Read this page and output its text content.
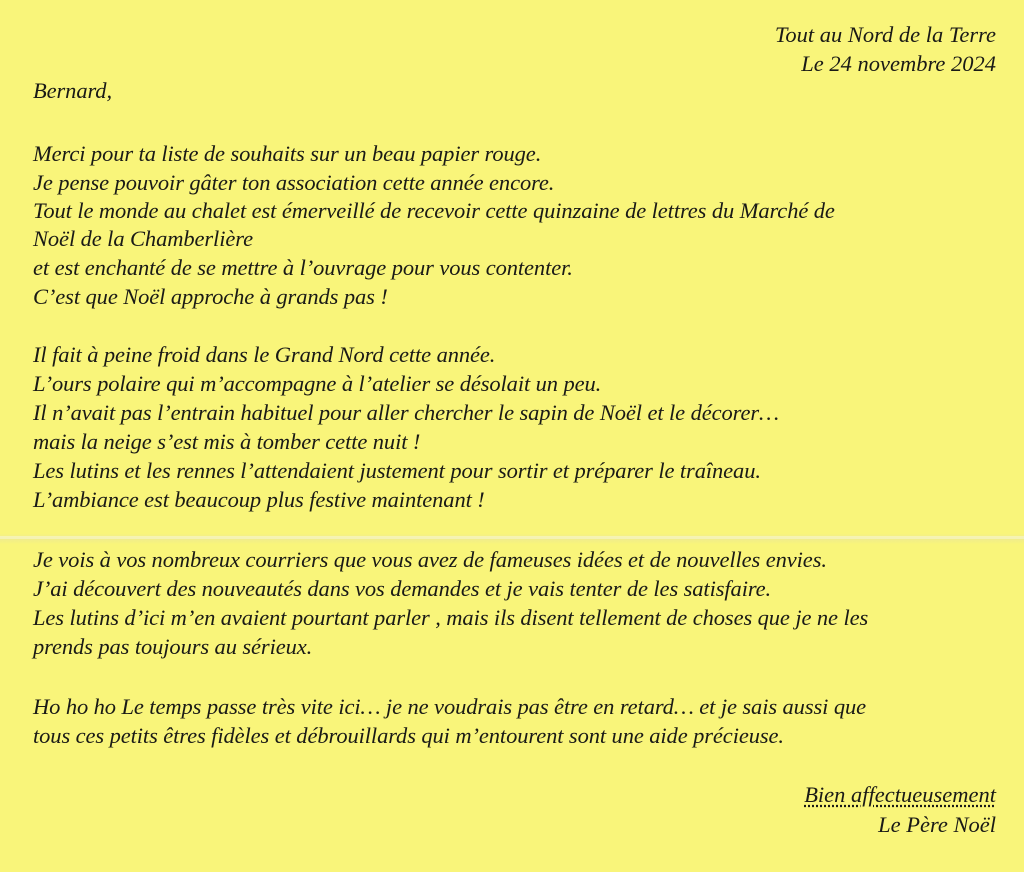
Tout au Nord de la Terre
Le 24 novembre 2024
Bernard,
Merci pour ta liste de souhaits sur un beau papier rouge.
Je pense pouvoir gâter ton association cette année encore.
Tout le monde au chalet est émerveillé de recevoir cette quinzaine de lettres du Marché de
Noël de la Chamberlière
et est enchanté de se mettre à l’ouvrage pour vous contenter.
C’est que Noël approche à grands pas !
Il fait à peine froid dans le Grand Nord cette année.
L’ours polaire qui m’accompagne à l’atelier se désolait un peu.
Il n’avait pas l’entrain habituel pour aller chercher le sapin de Noël et le décorer…
mais la neige s’est mis à tomber cette nuit !
Les lutins et les rennes l’attendaient justement pour sortir et préparer le traîneau.
L’ambiance est beaucoup plus festive maintenant !
Je vois à vos nombreux courriers que vous avez de fameuses idées et de nouvelles envies.
J’ai découvert des nouveautés dans vos demandes et je vais tenter de les satisfaire.
Les lutins d’ici m’en avaient pourtant parler , mais ils disent tellement de choses que je ne les
prends pas toujours au sérieux.
Ho ho ho Le temps passe très vite ici… je ne voudrais pas être en retard… et je sais aussi que
tous ces petits êtres fidèles et débrouillards qui m’entourent sont une aide précieuse.
Bien affectueusement
Le Père Noël
